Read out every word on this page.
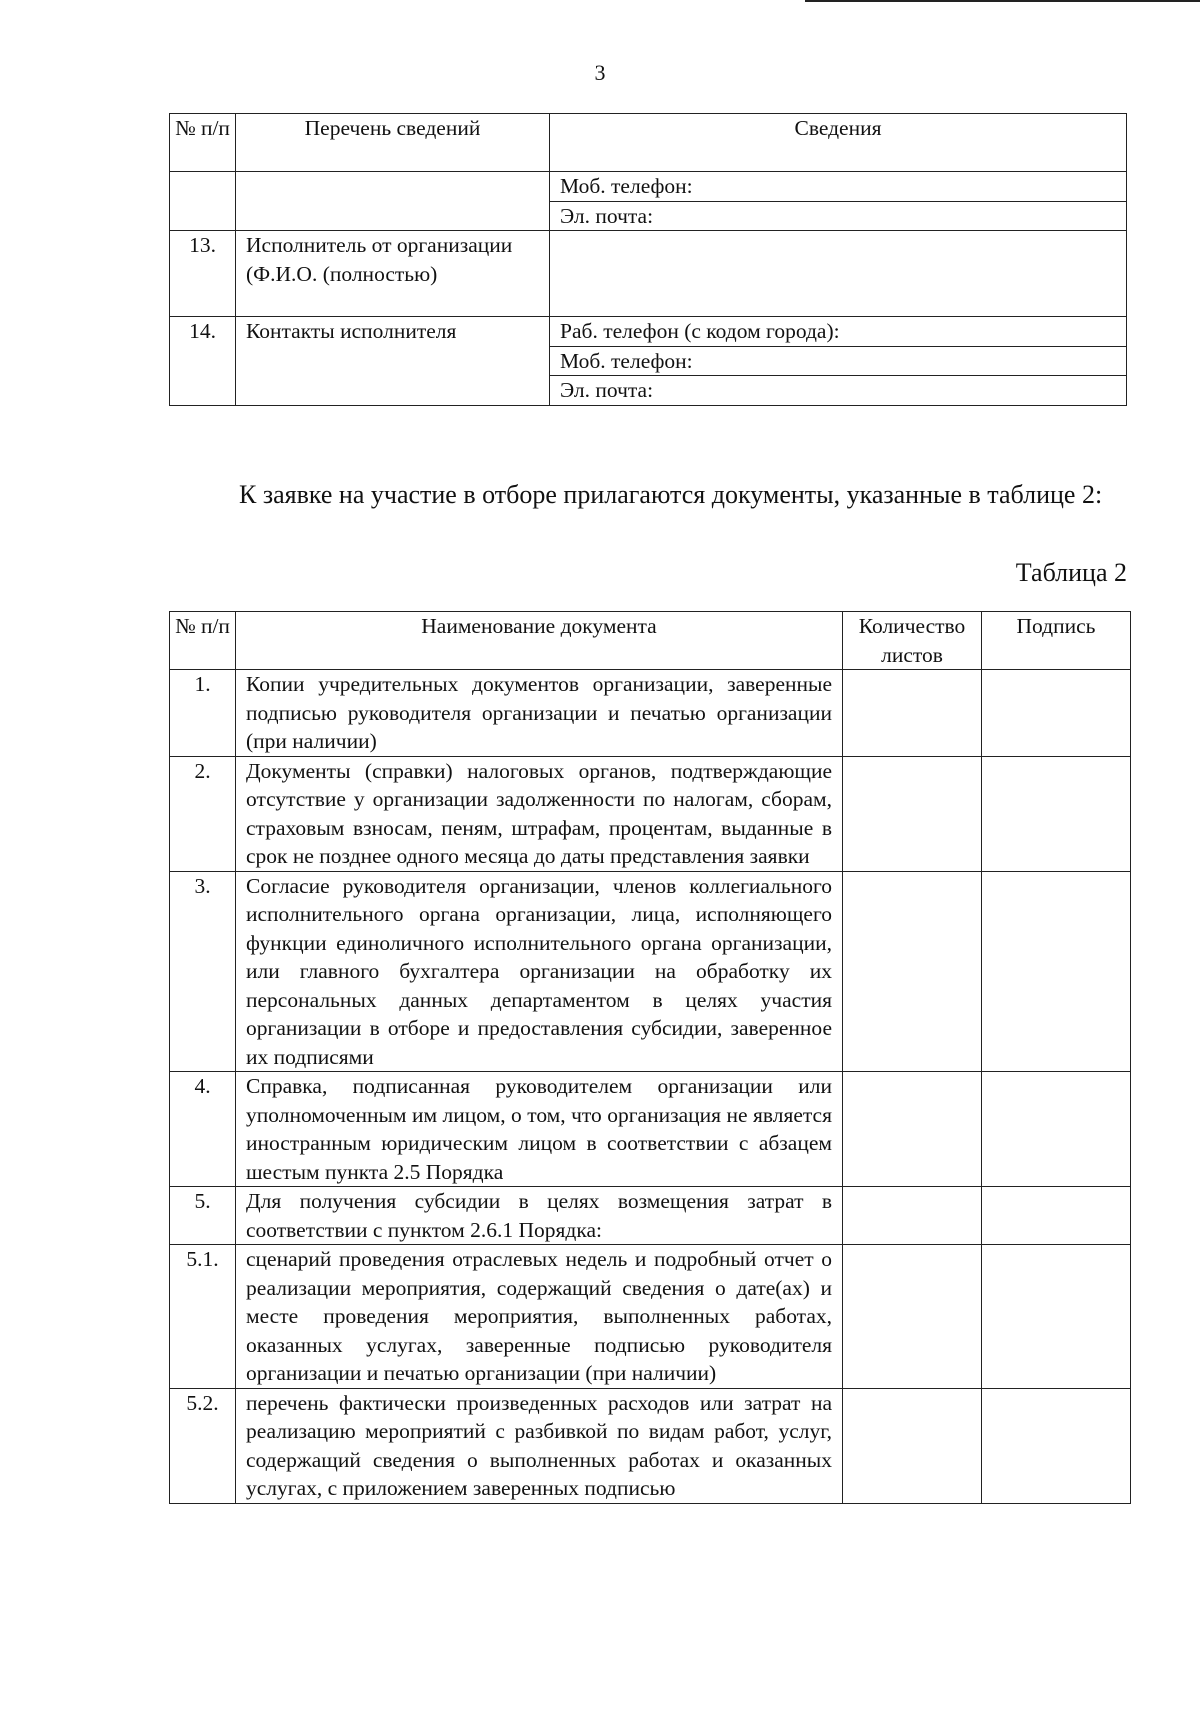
3
№ п/п	Перечень сведений	Сведения
		Моб. телефон:
		Эл. почта:
13.	Исполнитель от организации (Ф.И.О. (полностью)	
14.	Контакты исполнителя	Раб. телефон (с кодом города):
		Моб. телефон:
		Эл. почта:

К заявке на участие в отборе прилагаются документы, указанные в таблице 2:

Таблица 2
№ п/п	Наименование документа	Количество листов	Подпись
1.	Копии учредительных документов организации, заверенные подписью руководителя организации и печатью организации (при наличии)		
2.	Документы (справки) налоговых органов, подтверждающие отсутствие у организации задолженности по налогам, сборам, страховым взносам, пеням, штрафам, процентам, выданные в срок не позднее одного месяца до даты представления заявки		
3.	Согласие руководителя организации, членов коллегиального исполнительного органа организации, лица, исполняющего функции единоличного исполнительного органа организации, или главного бухгалтера организации на обработку их персональных данных департаментом в целях участия организации в отборе и предоставления субсидии, заверенное их подписями		
4.	Справка, подписанная руководителем организации или уполномоченным им лицом, о том, что организация не является иностранным юридическим лицом в соответствии с абзацем шестым пункта 2.5 Порядка		
5.	Для получения субсидии в целях возмещения затрат в соответствии с пунктом 2.6.1 Порядка:		
5.1.	сценарий проведения отраслевых недель и подробный отчет о реализации мероприятия, содержащий сведения о дате(ах) и месте проведения мероприятия, выполненных работах, оказанных услугах, заверенные подписью руководителя организации и печатью организации (при наличии)		
5.2.	перечень фактически произведенных расходов или затрат на реализацию мероприятий с разбивкой по видам работ, услуг, содержащий сведения о выполненных работах и оказанных услугах, с приложением заверенных подписью		
